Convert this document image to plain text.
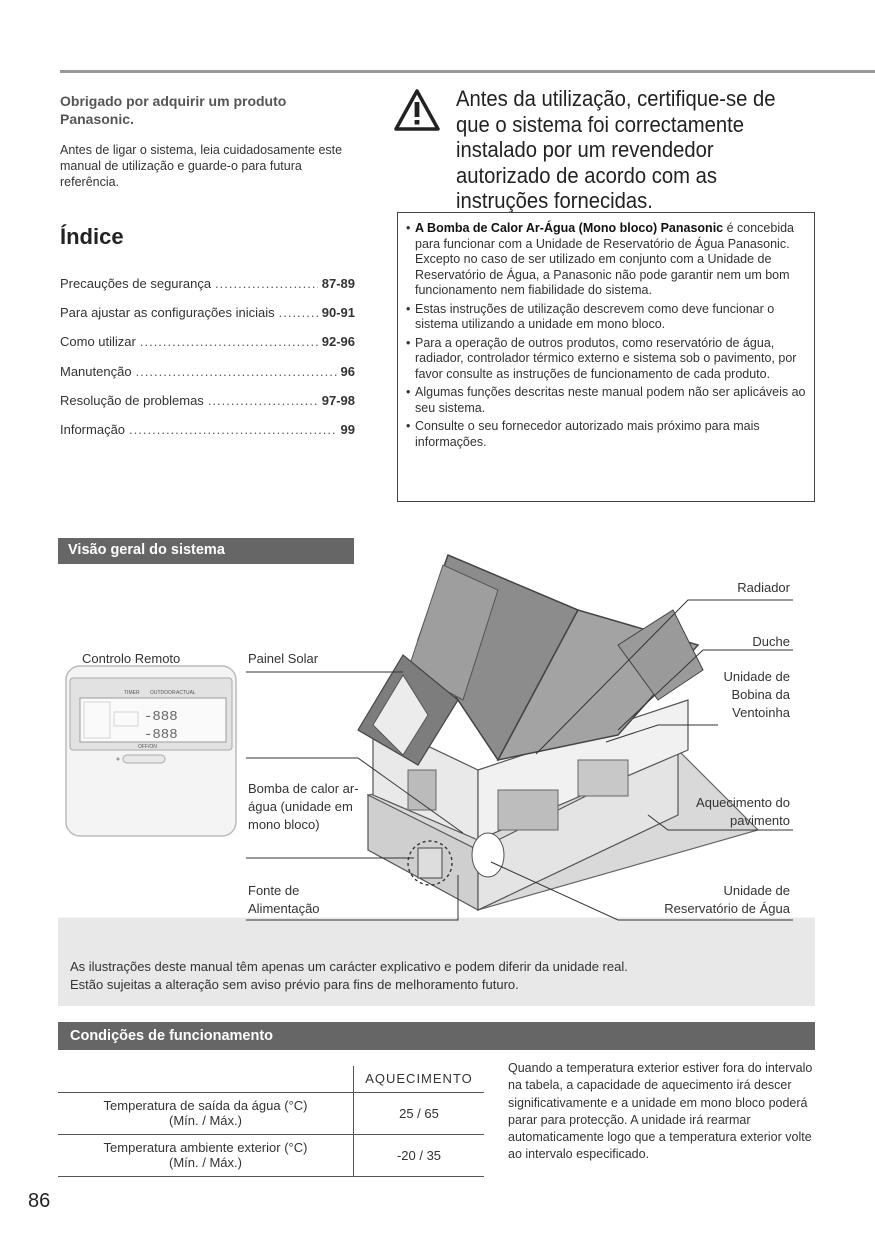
Obrigado por adquirir um produto Panasonic.
Antes de ligar o sistema, leia cuidadosamente este manual de utilização e guarde-o para futura referência.
Índice
Precauções de segurança .....	87-89
Para ajustar as configurações iniciais .....	90-91
Como utilizar .....	92-96
Manutenção .....	96
Resolução de problemas .....	97-98
Informação .....	99
Antes da utilização, certifique-se de que o sistema foi correctamente instalado por um revendedor autorizado de acordo com as instruções fornecidas.
• A Bomba de Calor Ar-Água (Mono bloco) Panasonic é concebida para funcionar com a Unidade de Reservatório de Água Panasonic. Excepto no caso de ser utilizado em conjunto com a Unidade de Reservatório de Água, a Panasonic não pode garantir nem um bom funcionamento nem fiabilidade do sistema.
• Estas instruções de utilização descrevem como deve funcionar o sistema utilizando a unidade em mono bloco.
• Para a operação de outros produtos, como reservatório de água, radiador, controlador térmico externo e sistema sob o pavimento, por favor consulte as instruções de funcionamento de cada produto.
• Algumas funções descritas neste manual podem não ser aplicáveis ao seu sistema.
• Consulte o seu fornecedor autorizado mais próximo para mais informações.
Visão geral do sistema
TIMER OUTDOOR ACTUAL
-888
-888
OFF/ON
Controlo Remoto	Painel Solar
Bomba de calor ar-água (unidade em mono bloco)
Fonte de Alimentação
Radiador
Duche
Unidade de Bobina da Ventoinha
Aquecimento do pavimento
Unidade de Reservatório de Água
As ilustrações deste manual têm apenas um carácter explicativo e podem diferir da unidade real.
Estão sujeitas a alteração sem aviso prévio para fins de melhoramento futuro.
Condições de funcionamento
	AQUECIMENTO

Temperatura de saída da água (°C)
(Mín. / Máx.)	25 / 65

Temperatura ambiente exterior (°C)
(Mín. / Máx.)	-20 / 35
Quando a temperatura exterior estiver fora do intervalo na tabela, a capacidade de aquecimento irá descer significativamente e a unidade em mono bloco poderá parar para protecção. A unidade irá rearmar automaticamente logo que a temperatura exterior volte ao intervalo especificado.
86
